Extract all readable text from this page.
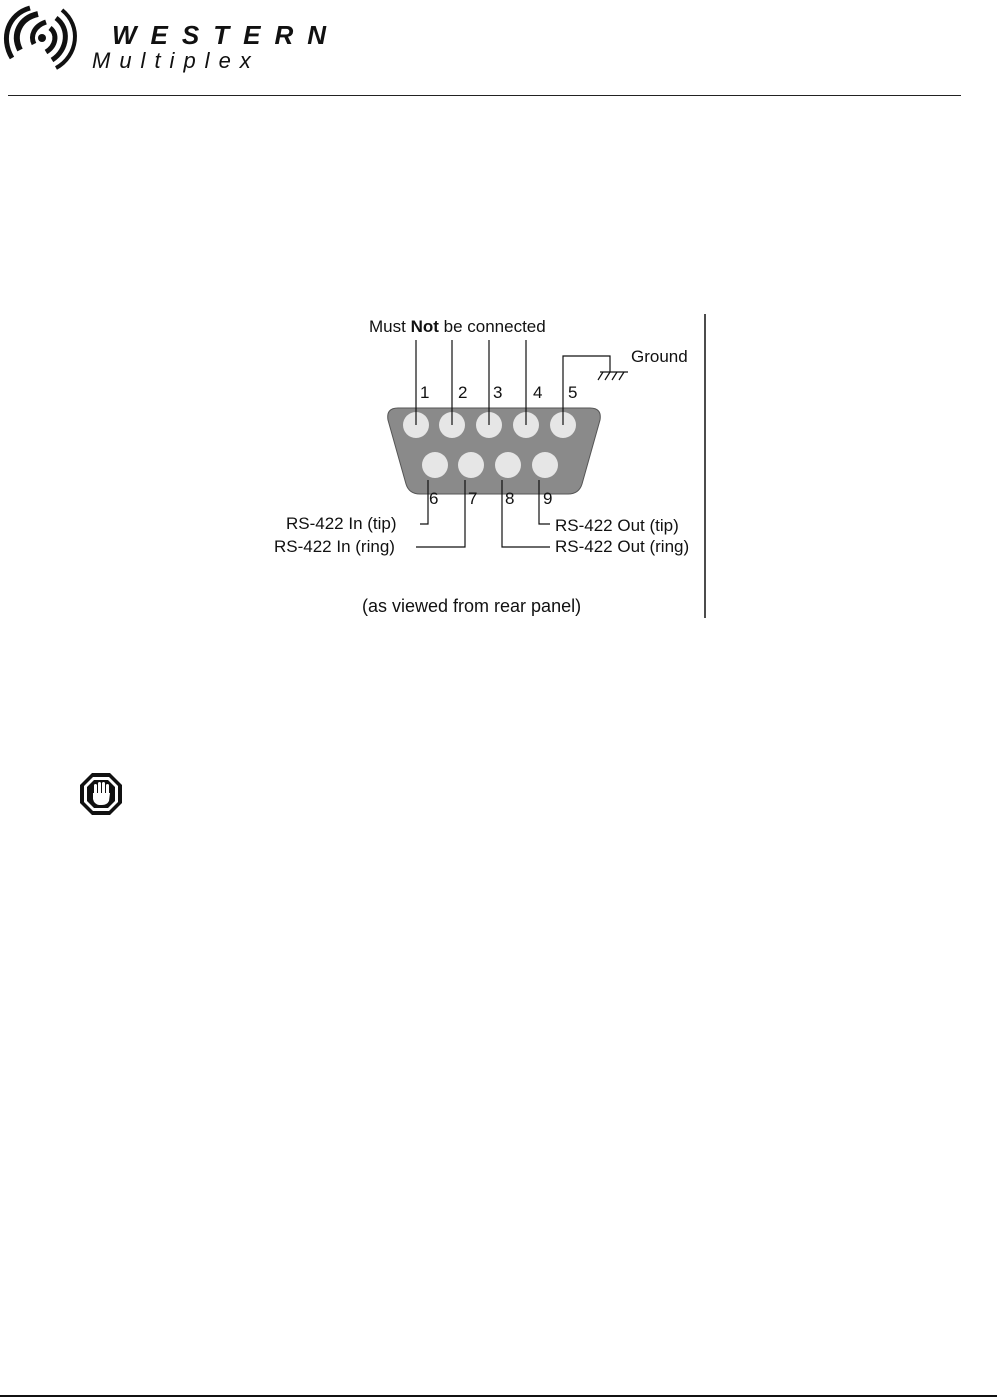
WESTERN
Multiplex
Must Not be connected
Ground
1 2 3 4 5
6 7 8 9
RS-422 In (tip)
RS-422 In (ring)
RS-422 Out (tip)
RS-422 Out (ring)
(as viewed from rear panel)
